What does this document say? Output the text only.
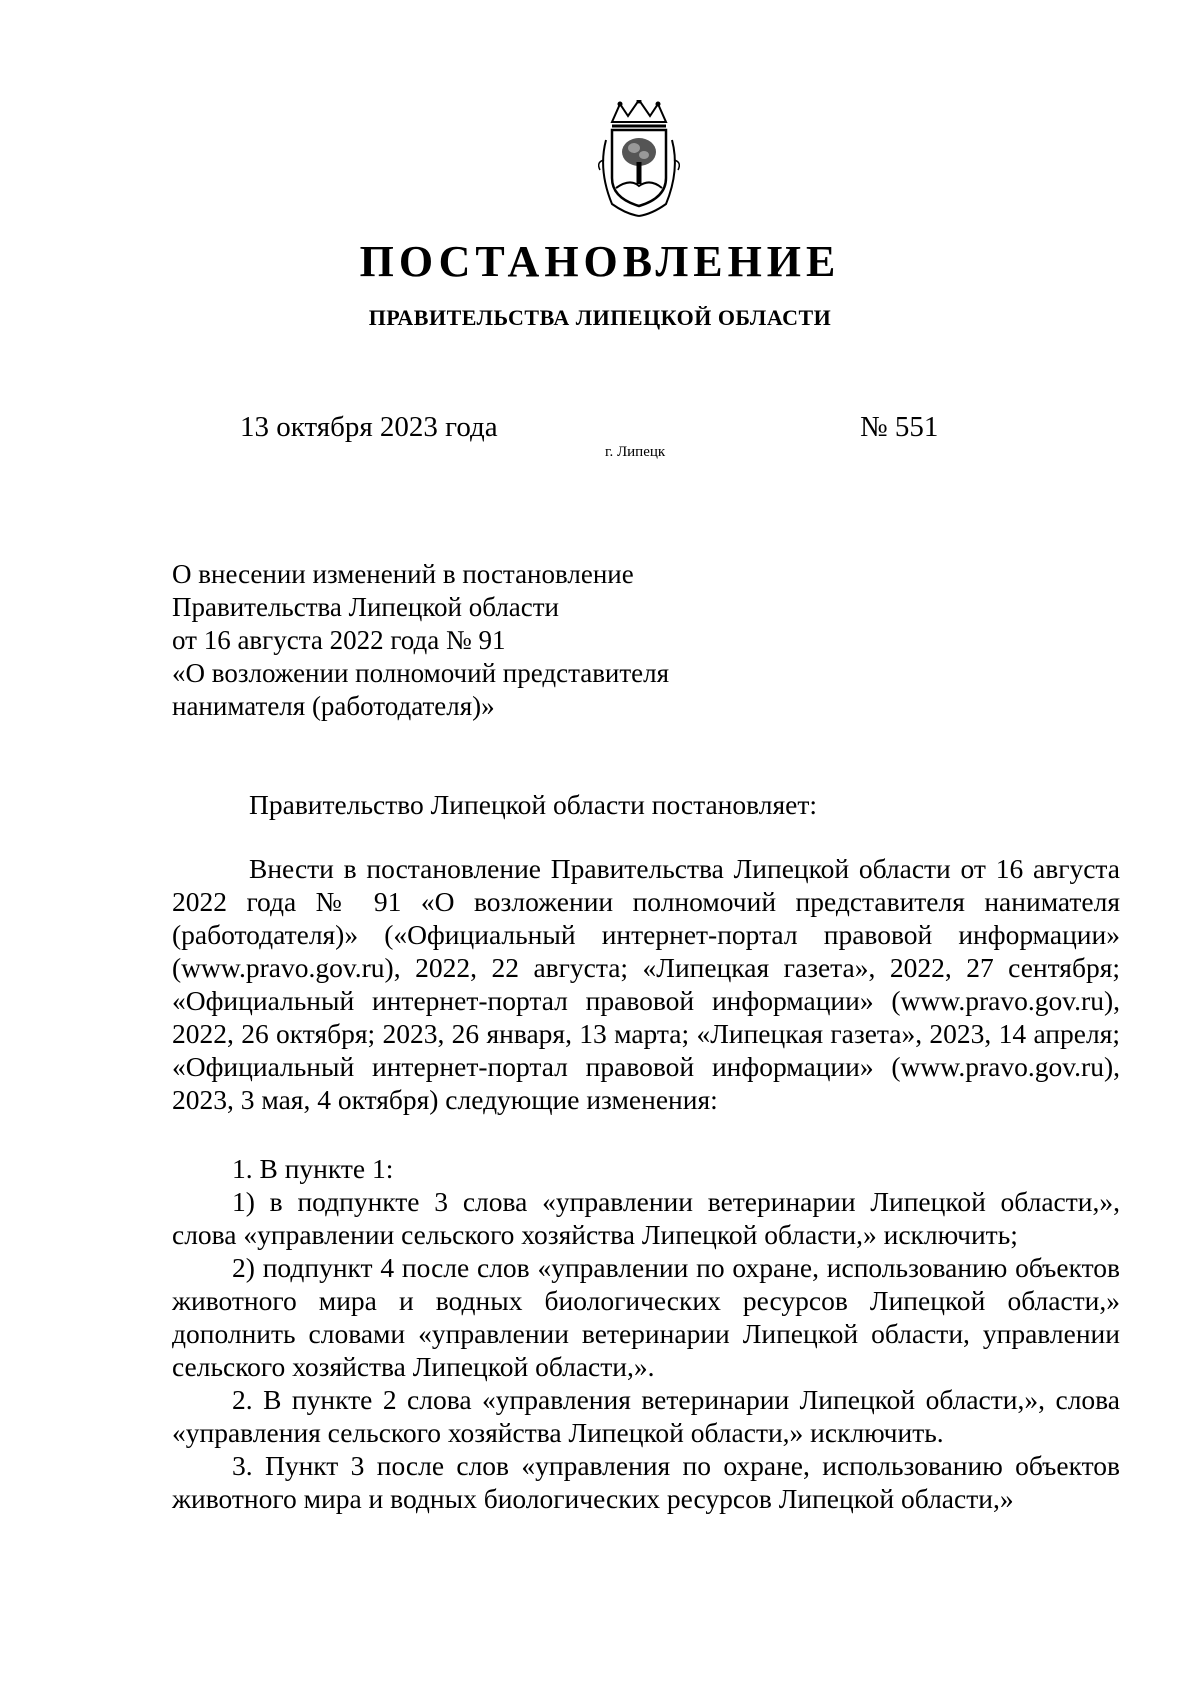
ПОСТАНОВЛЕНИЕ
ПРАВИТЕЛЬСТВА ЛИПЕЦКОЙ ОБЛАСТИ
13 октября 2023 года
г. Липецк
№ 551
О внесении изменений в постановление
Правительства Липецкой области
от 16 августа 2022 года № 91
«О возложении полномочий представителя
нанимателя (работодателя)»

Правительство Липецкой области постановляет:

Внести в постановление Правительства Липецкой области от 16 августа 2022 года № 91 «О возложении полномочий представителя нанимателя (работодателя)» («Официальный интернет-портал правовой информации» (www.pravo.gov.ru), 2022, 22 августа; «Липецкая газета», 2022, 27 сентября; «Официальный интернет-портал правовой информации» (www.pravo.gov.ru), 2022, 26 октября; 2023, 26 января, 13 марта; «Липецкая газета», 2023, 14 апреля; «Официальный интернет-портал правовой информации» (www.pravo.gov.ru), 2023, 3 мая, 4 октября) следующие изменения:

1. В пункте 1:

1) в подпункте 3 слова «управлении ветеринарии Липецкой области,», слова «управлении сельского хозяйства Липецкой области,» исключить;

2) подпункт 4 после слов «управлении по охране, использованию объектов животного мира и водных биологических ресурсов Липецкой области,» дополнить словами «управлении ветеринарии Липецкой области, управлении сельского хозяйства Липецкой области,».

2. В пункте 2 слова «управления ветеринарии Липецкой области,», слова «управления сельского хозяйства Липецкой области,» исключить.

3. Пункт 3 после слов «управления по охране, использованию объектов животного мира и водных биологических ресурсов Липецкой области,»
